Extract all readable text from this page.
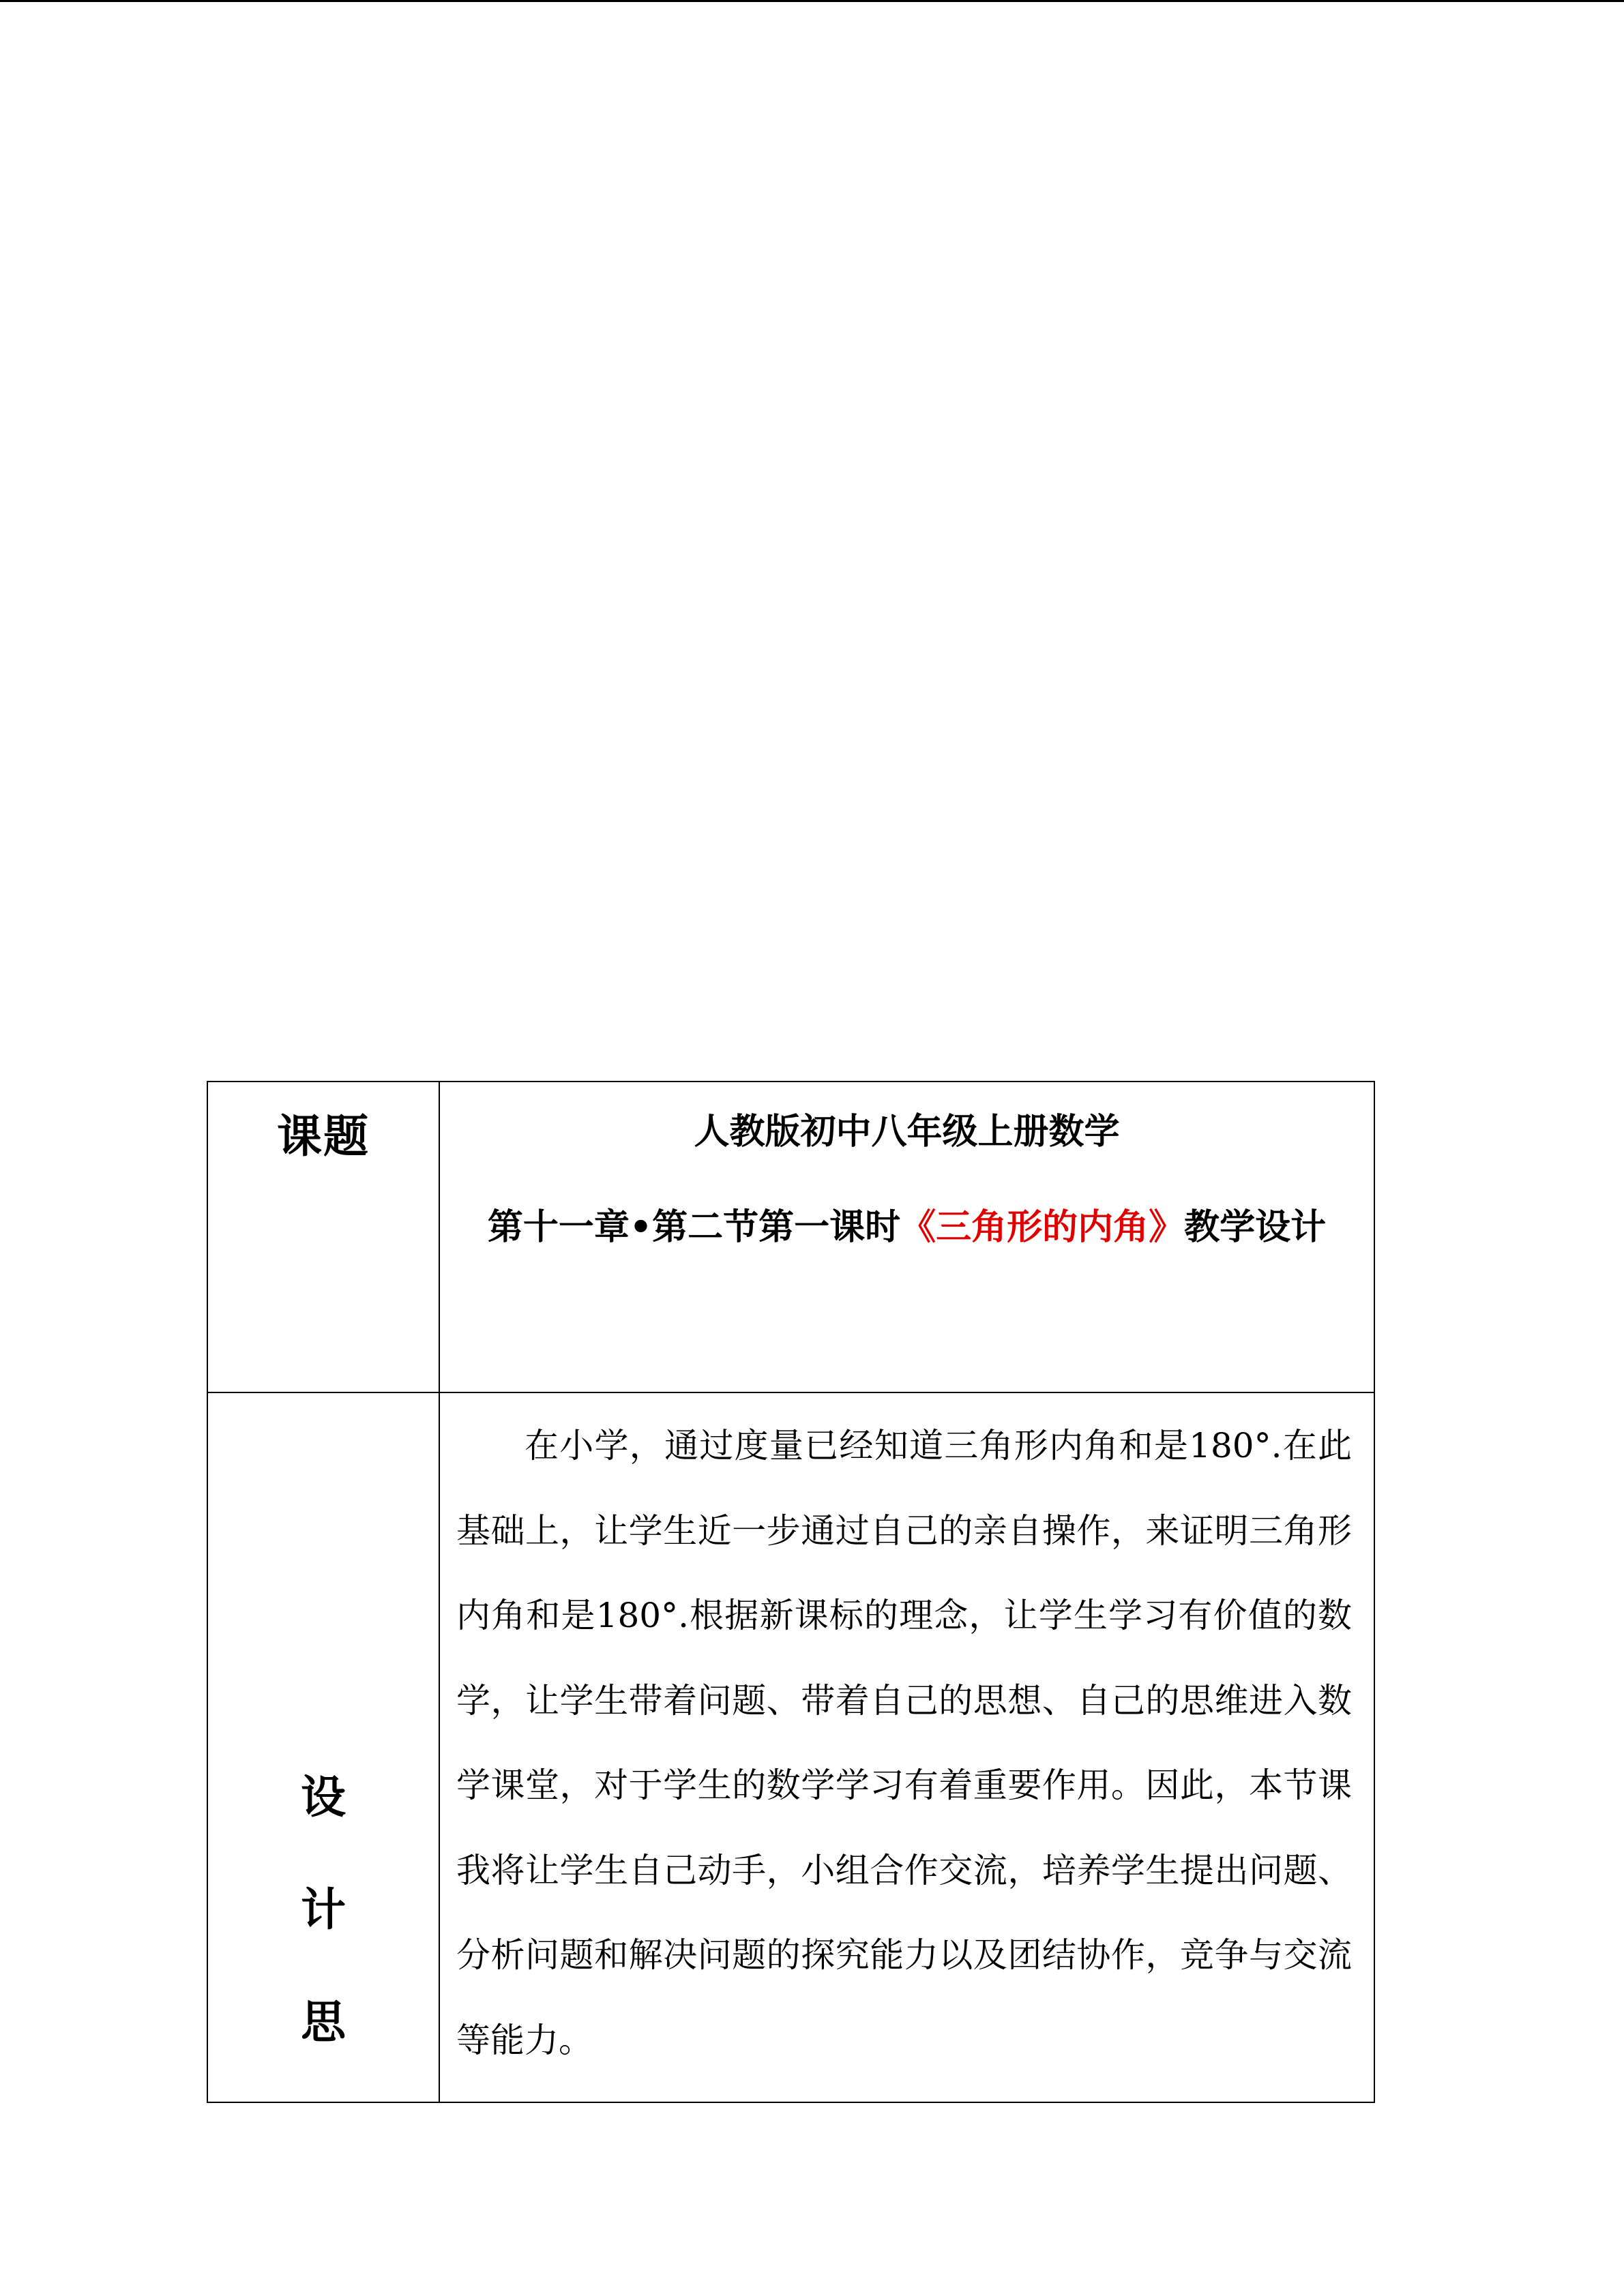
课题	人教版初中八年级上册数学
第十一章•第二节第一课时《三角形的内角》教学设计

设
计
思	在小学，通过度量已经知道三角形内角和是180°.在此基础上，让学生近一步通过自己的亲自操作，来证明三角形内角和是180°.根据新课标的理念，让学生学习有价值的数学，让学生带着问题、带着自己的思想、自己的思维进入数学课堂，对于学生的数学学习有着重要作用。因此，本节课我将让学生自己动手，小组合作交流，培养学生提出问题、分析问题和解决问题的探究能力以及团结协作，竞争与交流等能力。
